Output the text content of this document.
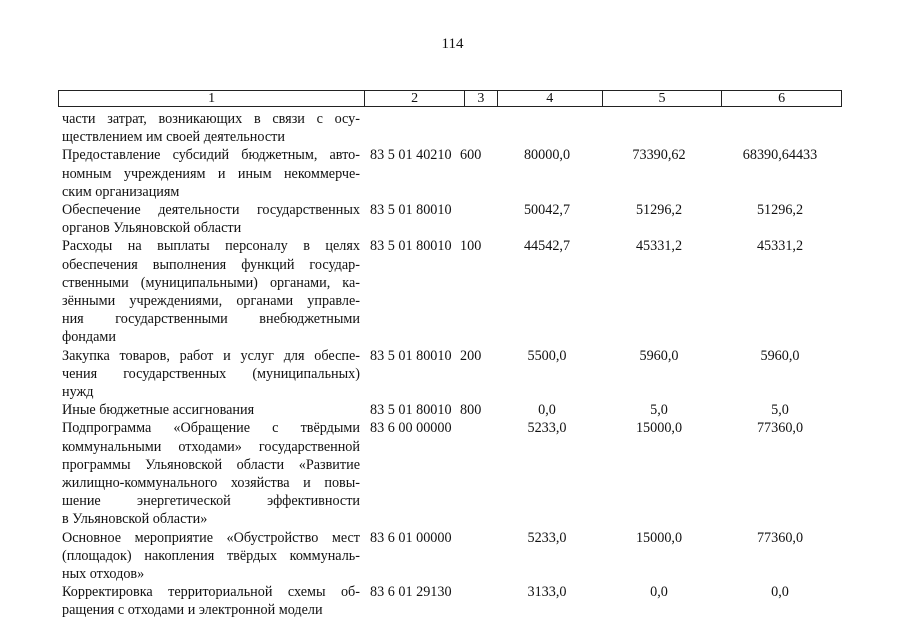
114
1	2	3	4	5	6
части затрат, возникающих в связи с осу-
ществлением им своей деятельности
Предоставление субсидий бюджетным, авто-
номным учреждениям и иным некоммерче-
ским организациям
83 5 01 40210 600	80000,0	73390,62	68390,64433
Обеспечение деятельности государственных
органов Ульяновской области
83 5 01 80010	50042,7	51296,2	51296,2
Расходы на выплаты персоналу в целях
обеспечения выполнения функций государ-
ственными (муниципальными) органами, ка-
зёнными учреждениями, органами управле-
ния государственными внебюджетными
фондами
83 5 01 80010 100	44542,7	45331,2	45331,2
Закупка товаров, работ и услуг для обеспе-
чения государственных (муниципальных)
нужд
83 5 01 80010 200	5500,0	5960,0	5960,0
Иные бюджетные ассигнования	83 5 01 80010 800	0,0	5,0	5,0
Подпрограмма «Обращение с твёрдыми
коммунальными отходами» государственной
программы Ульяновской области «Развитие
жилищно-коммунального хозяйства и повы-
шение энергетической эффективности
в Ульяновской области»
83 6 00 00000	5233,0	15000,0	77360,0
Основное мероприятие «Обустройство мест
(площадок) накопления твёрдых коммуналь-
ных отходов»
83 6 01 00000	5233,0	15000,0	77360,0
Корректировка территориальной схемы об-
ращения с отходами и электронной модели
83 6 01 29130	3133,0	0,0	0,0
